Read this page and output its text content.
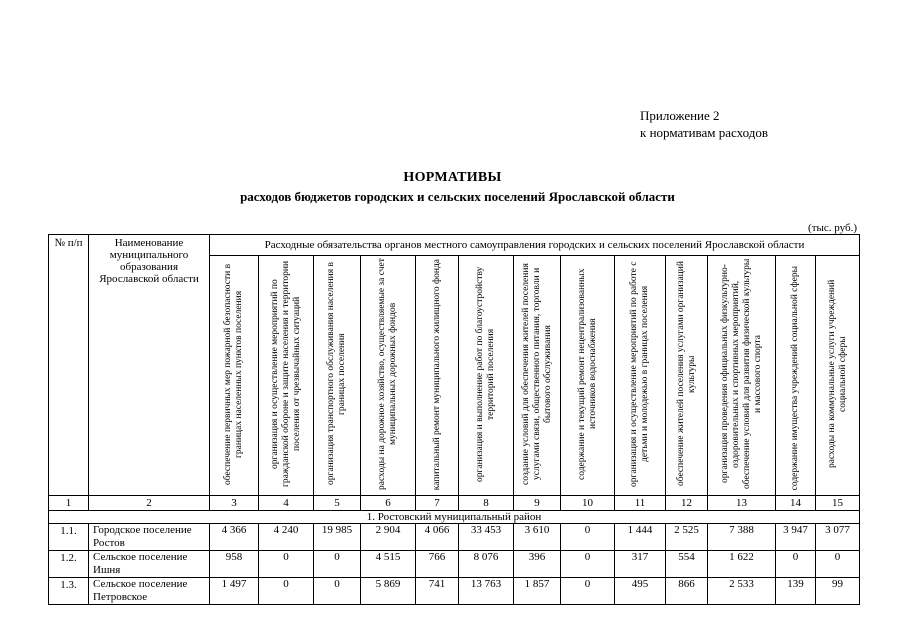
Приложение 2
к нормативам расходов
НОРМАТИВЫ
расходов бюджетов городских и сельских поселений Ярославской области
(тыс. руб.)
№ п/п	Наименование муниципального образования Ярославской области	Расходные обязательства органов местного самоуправления городских и сельских поселений Ярославской области												
		обеспечение первичных мер пожарной безопасности в границах населенных пунктов поселения	организация и осуществление мероприятий по гражданской обороне и защите населения и территории поселения от чрезвычайных ситуаций	организация транспортного обслуживания населения в границах поселения	расходы на дорожное хозяйство, осуществляемые за счет муниципальных дорожных фондов	капитальный ремонт муниципального жилищного фонда	организация и выполнение работ по благоустройству территорий поселения	создание условий для обеспечения жителей поселения услугами связи, общественного питания, торговли и бытового обслуживания	содержание и текущий ремонт нецентрализованных источников водоснабжения	организация и осуществление мероприятий по работе с детьми и молодежью в границах поселения	обеспечение жителей поселения услугами организаций культуры	организация проведения официальных физкультурно-оздоровительных и спортивных мероприятий, обеспечение условий для развития физической культуры и массового спорта	содержание имущества учреждений социальной сферы	расходы на коммунальные услуги учреждений социальной сферы
1	2	3	4	5	6	7	8	9	10	11	12	13	14	15
1. Ростовский муниципальный район														
1.1.	Городское поселение Ростов	4 366	4 240	19 985	2 904	4 066	33 453	3 610	0	1 444	2 525	7 388	3 947	3 077
1.2.	Сельское поселение Ишня	958	0	0	4 515	766	8 076	396	0	317	554	1 622	0	0
1.3.	Сельское поселение Петровское	1 497	0	0	5 869	741	13 763	1 857	0	495	866	2 533	139	99
